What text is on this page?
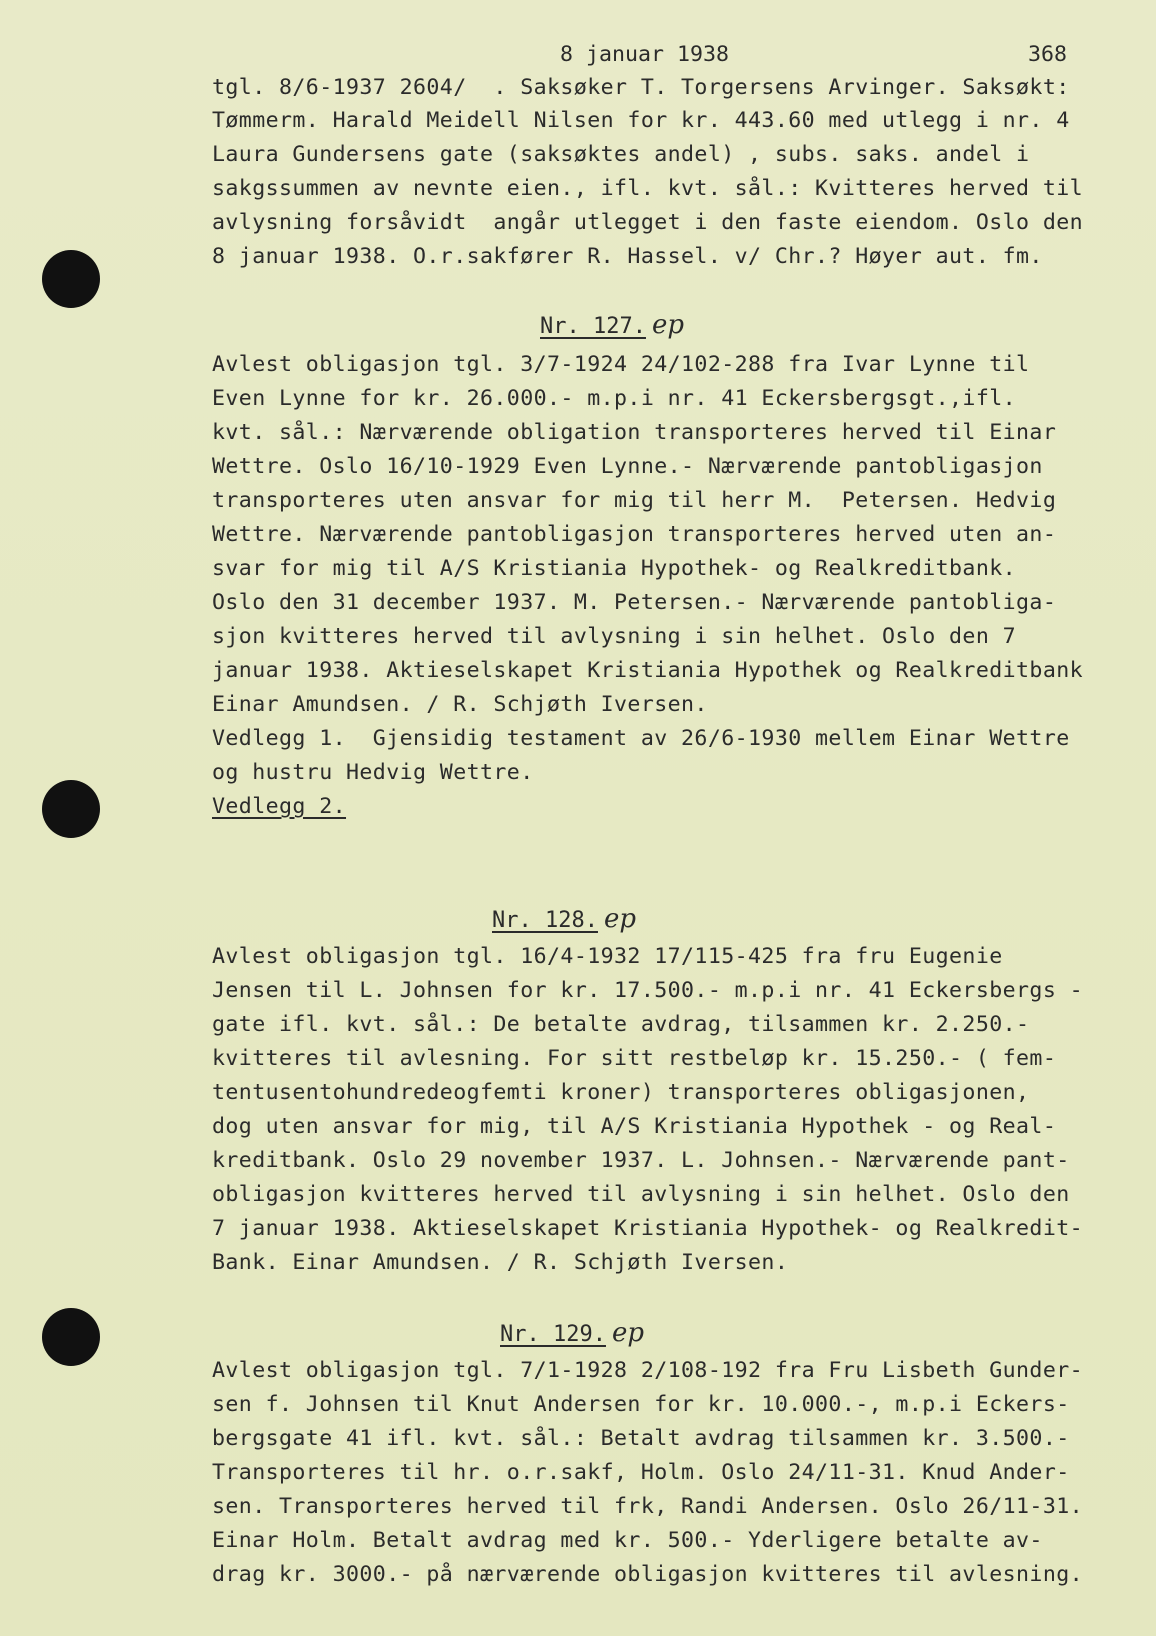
8 januar 1938	368
tgl. 8/6-1937 2604/  . Saksøker T. Torgersens Arvinger. Saksøkt:
Tømmerm. Harald Meidell Nilsen for kr. 443.60 med utlegg i nr. 4
Laura Gundersens gate (saksøktes andel) , subs. saks. andel i
sakgssummen av nevnte eien., ifl. kvt. sål.: Kvitteres herved til
avlysning forsåvidt  angår utlegget i den faste eiendom. Oslo den
8 januar 1938. O.r.sakfører R. Hassel. v/ Chr.? Høyer aut. fm.
Nr. 127. ep
Avlest obligasjon tgl. 3/7-1924 24/102-288 fra Ivar Lynne til
Even Lynne for kr. 26.000.- m.p.i nr. 41 Eckersbergsgt.,ifl.
kvt. sål.: Nærværende obligation transporteres herved til Einar
Wettre. Oslo 16/10-1929 Even Lynne.- Nærværende pantobligasjon
transporteres uten ansvar for mig til herr M.  Petersen. Hedvig
Wettre. Nærværende pantobligasjon transporteres herved uten an-
svar for mig til A/S Kristiania Hypothek- og Realkreditbank.
Oslo den 31 december 1937. M. Petersen.- Nærværende pantobliga-
sjon kvitteres herved til avlysning i sin helhet. Oslo den 7
januar 1938. Aktieselskapet Kristiania Hypothek og Realkreditbank
Einar Amundsen. / R. Schjøth Iversen.
Vedlegg 1.  Gjensidig testament av 26/6-1930 mellem Einar Wettre
og hustru Hedvig Wettre.
Vedlegg 2.
Nr. 128. ep
Avlest obligasjon tgl. 16/4-1932 17/115-425 fra fru Eugenie
Jensen til L. Johnsen for kr. 17.500.- m.p.i nr. 41 Eckersbergs -
gate ifl. kvt. sål.: De betalte avdrag, tilsammen kr. 2.250.-
kvitteres til avlesning. For sitt restbeløp kr. 15.250.- ( fem-
tentusentohundredeogfemti kroner) transporteres obligasjonen,
dog uten ansvar for mig, til A/S Kristiania Hypothek - og Real-
kreditbank. Oslo 29 november 1937. L. Johnsen.- Nærværende pant-
obligasjon kvitteres herved til avlysning i sin helhet. Oslo den
7 januar 1938. Aktieselskapet Kristiania Hypothek- og Realkredit-
Bank. Einar Amundsen. / R. Schjøth Iversen.
Nr. 129. ep
Avlest obligasjon tgl. 7/1-1928 2/108-192 fra Fru Lisbeth Gunder-
sen f. Johnsen til Knut Andersen for kr. 10.000.-, m.p.i Eckers-
bergsgate 41 ifl. kvt. sål.: Betalt avdrag tilsammen kr. 3.500.-
Transporteres til hr. o.r.sakf, Holm. Oslo 24/11-31. Knud Ander-
sen. Transporteres herved til frk, Randi Andersen. Oslo 26/11-31.
Einar Holm. Betalt avdrag med kr. 500.- Yderligere betalte av-
drag kr. 3000.- på nærværende obligasjon kvitteres til avlesning.
